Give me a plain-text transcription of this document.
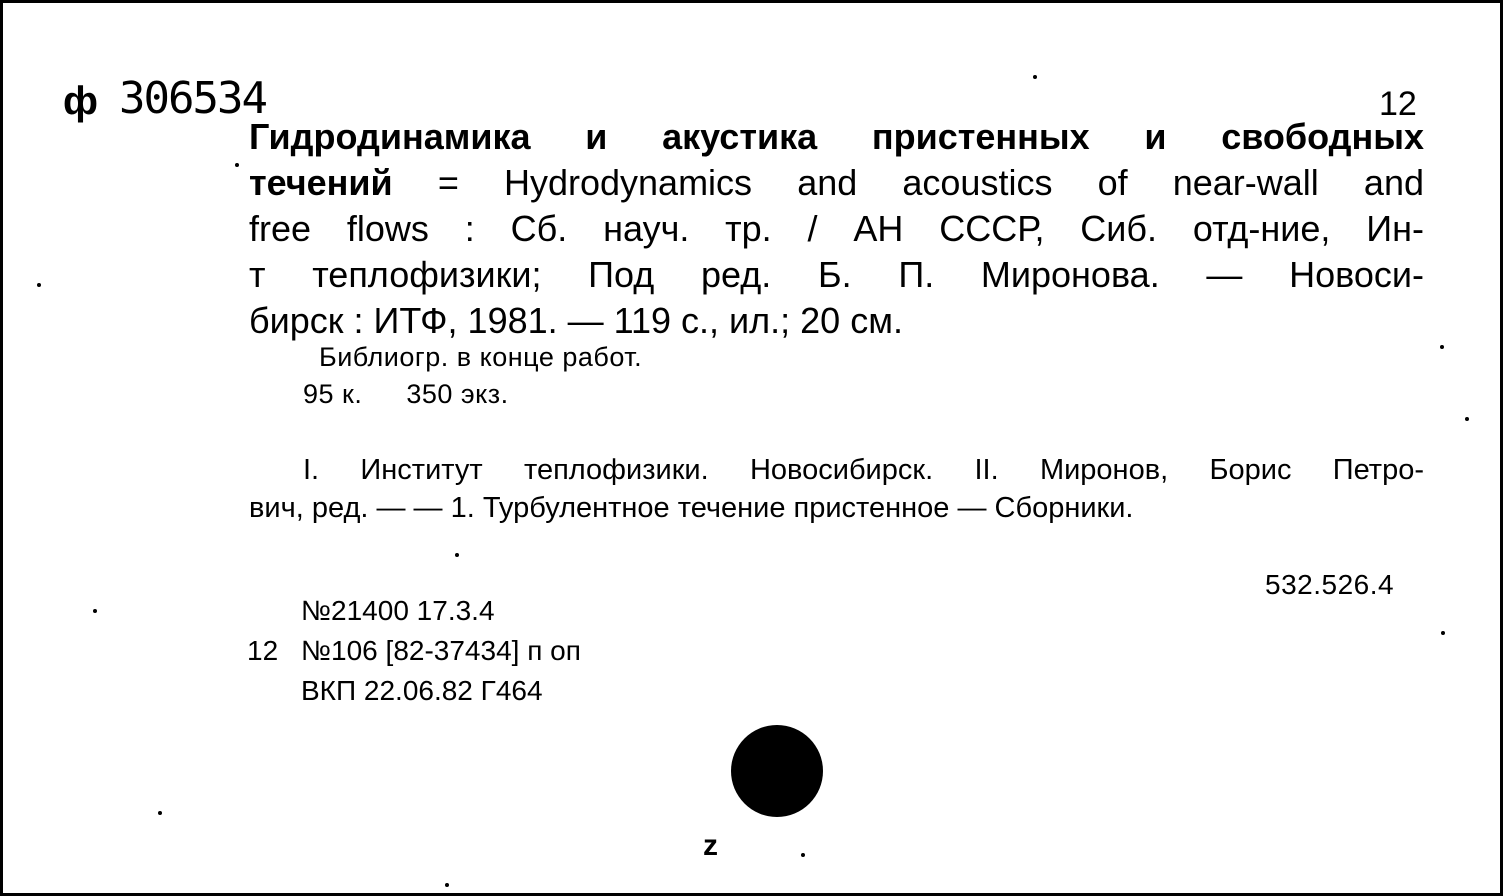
ф 306534	12
Гидродинамика и акустика пристенных и свободных
течений = Hydrodynamics and acoustics of near-wall and
free flows : Сб. науч. тр. / АН СССР, Сиб. отд-ние, Ин-
т теплофизики; Под ред. Б. П. Миронова. — Новоси-
бирск : ИТФ, 1981. — 119 с., ил.; 20 см.
Библиогр. в конце работ.
95 к. 350 экз.
I. Институт теплофизики. Новосибирск. II. Миронов, Борис Петро-
вич, ред. — — 1. Турбулентное течение пристенное — Сборники.
532.526.4
№21400 17.3.4
12 №106 [82-37434] п оп
ВКП 22.06.82 Г464
z
